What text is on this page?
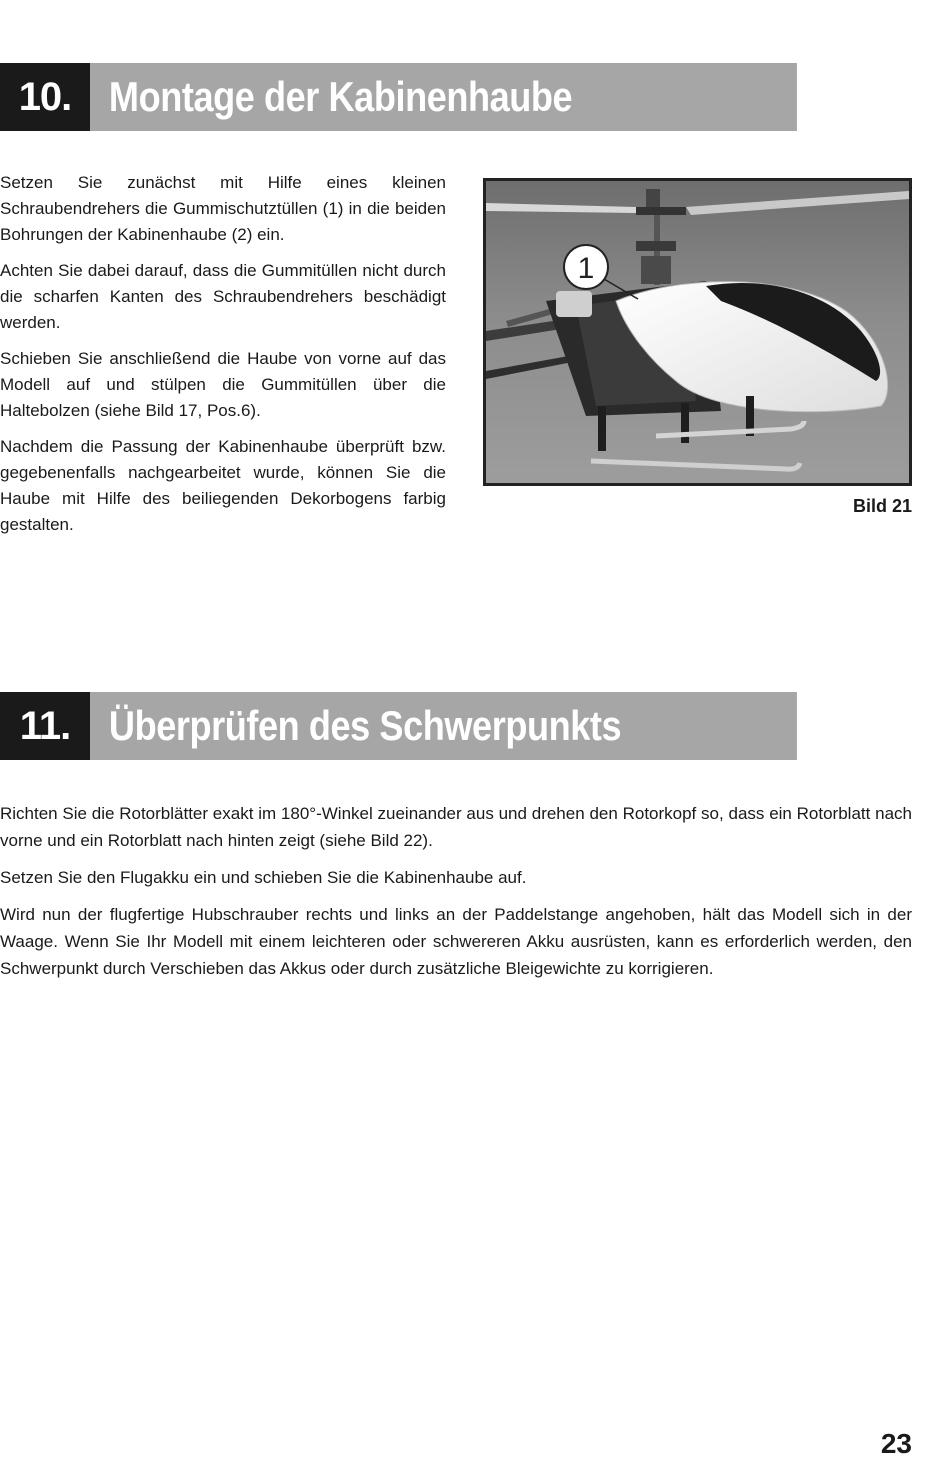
10. Montage der Kabinenhaube

Setzen Sie zunächst mit Hilfe eines kleinen Schraubendrehers die Gummischutztüllen (1) in die beiden Bohrungen der Kabinenhaube (2) ein.

Achten Sie dabei darauf, dass die Gummitüllen nicht durch die scharfen Kanten des Schraubendrehers beschädigt werden.

Schieben Sie anschließend die Haube von vorne auf das Modell auf und stülpen die Gummitüllen über die Haltebolzen (siehe Bild 17, Pos.6).

Nachdem die Passung der Kabinenhaube überprüft bzw. gegebenenfalls nachgearbeitet wurde, können Sie die Haube mit Hilfe des beiliegenden Dekorbogens farbig gestalten.

1
Bild 21
11. Überprüfen des Schwerpunkts

Richten Sie die Rotorblätter exakt im 180°-Winkel zueinander aus und drehen den Rotorkopf so, dass ein Rotorblatt nach vorne und ein Rotorblatt nach hinten zeigt (siehe Bild 22).

Setzen Sie den Flugakku ein und schieben Sie die Kabinenhaube auf.

Wird nun der flugfertige Hubschrauber rechts und links an der Paddelstange angehoben, hält das Modell sich in der Waage. Wenn Sie Ihr Modell mit einem leichteren oder schwereren Akku ausrüsten, kann es erforderlich werden, den Schwerpunkt durch Verschieben das Akkus oder durch zusätzliche Bleigewichte zu korrigieren.

23
